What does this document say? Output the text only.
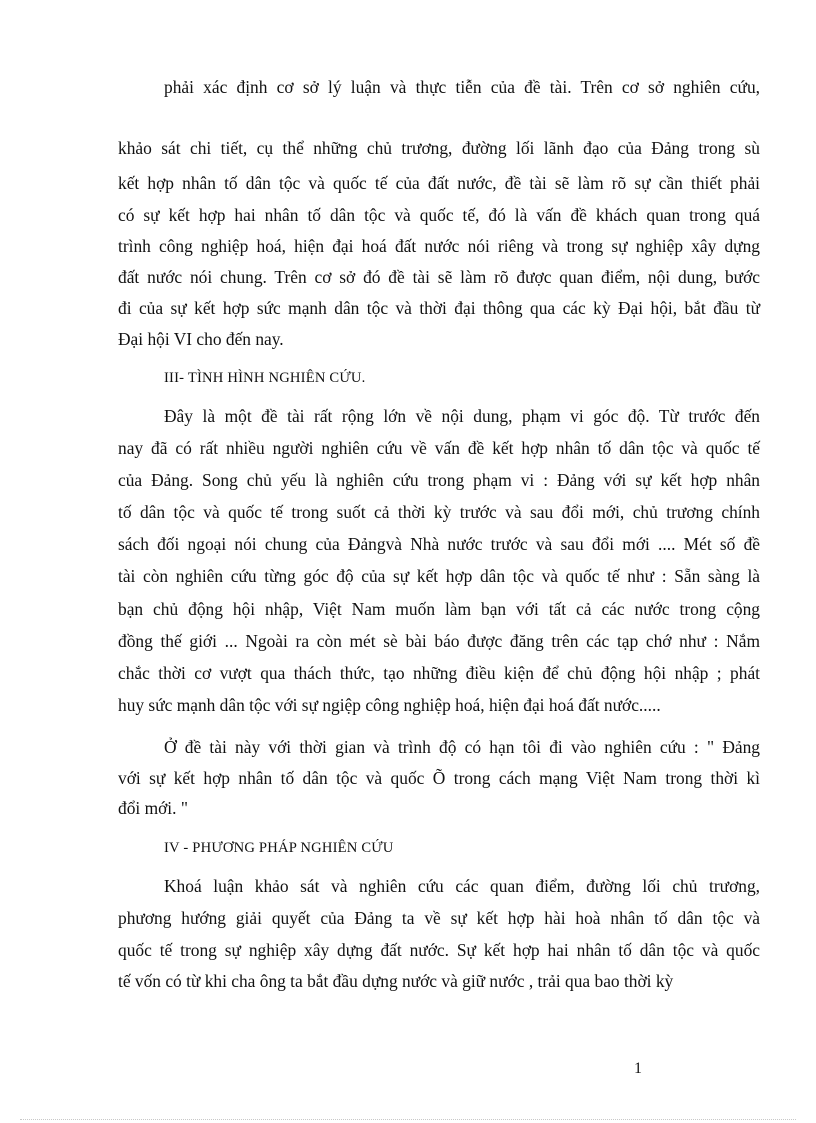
phải xác định cơ sở lý luận và thực tiễn của đề tài. Trên cơ sở nghiên cứu,
khảo sát chi tiết, cụ thể những chủ trương, đường lối lãnh đạo của Đảng trong sù
kết hợp nhân tố dân tộc và quốc tế của đất nước, đề tài sẽ làm rõ sự cần thiết phải
có sự kết hợp hai nhân tố dân tộc và quốc tế, đó là vấn đề khách quan trong quá
trình công nghiệp hoá, hiện đại hoá đất nước nói riêng và trong sự nghiệp xây dựng
đất nước nói chung. Trên cơ sở đó đề tài sẽ làm rõ được quan điểm, nội dung, bước
đi của sự kết hợp sức mạnh dân tộc và thời đại thông qua các kỳ Đại hội, bắt đầu từ
Đại hội VI cho đến nay.
III- TÌNH HÌNH NGHIÊN CỨU.
Đây là một đề tài rất rộng lớn về nội dung, phạm vi góc độ. Từ trước đến
nay đã có rất nhiều người nghiên cứu về vấn đề kết hợp nhân tố dân tộc và quốc tế
của Đảng. Song chủ yếu là nghiên cứu trong phạm vi : Đảng với sự kết hợp nhân
tố dân tộc và quốc tế trong suốt cả thời kỳ trước và sau đổi mới, chủ trương chính
sách đối ngoại nói chung của Đảngvà Nhà nước trước và sau đổi mới .... Mét số đề
tài còn nghiên cứu từng góc độ của sự kết hợp dân tộc và quốc tế như : Sẵn sàng là
bạn chủ động hội nhập, Việt Nam muốn làm bạn với tất cả các nước trong cộng
đồng thế giới ... Ngoài ra còn mét sè bài báo được đăng trên các tạp chớ như : Nắm
chắc thời cơ vượt qua thách thức, tạo những điều kiện để chủ động hội nhập ; phát
huy sức mạnh dân tộc với sự ngiệp công nghiệp hoá, hiện đại hoá đất nước.....
Ở đề tài này với thời gian và trình độ có hạn tôi đi vào nghiên cứu : " Đảng
với sự kết hợp nhân tố dân tộc và quốc Õ trong cách mạng Việt Nam trong thời kì
đổi mới. "
IV - PHƯƠNG PHÁP NGHIÊN CỨU
Khoá luận khảo sát và nghiên cứu các quan điểm, đường lối chủ trương,
phương hướng giải quyết của Đảng ta về sự kết hợp hài hoà nhân tố dân tộc và
quốc tế trong sự nghiệp xây dựng đất nước. Sự kết hợp hai nhân tố dân tộc và quốc
tế vốn có từ khi cha ông ta bắt đầu dựng nước và giữ nước , trải qua bao thời kỳ
1
